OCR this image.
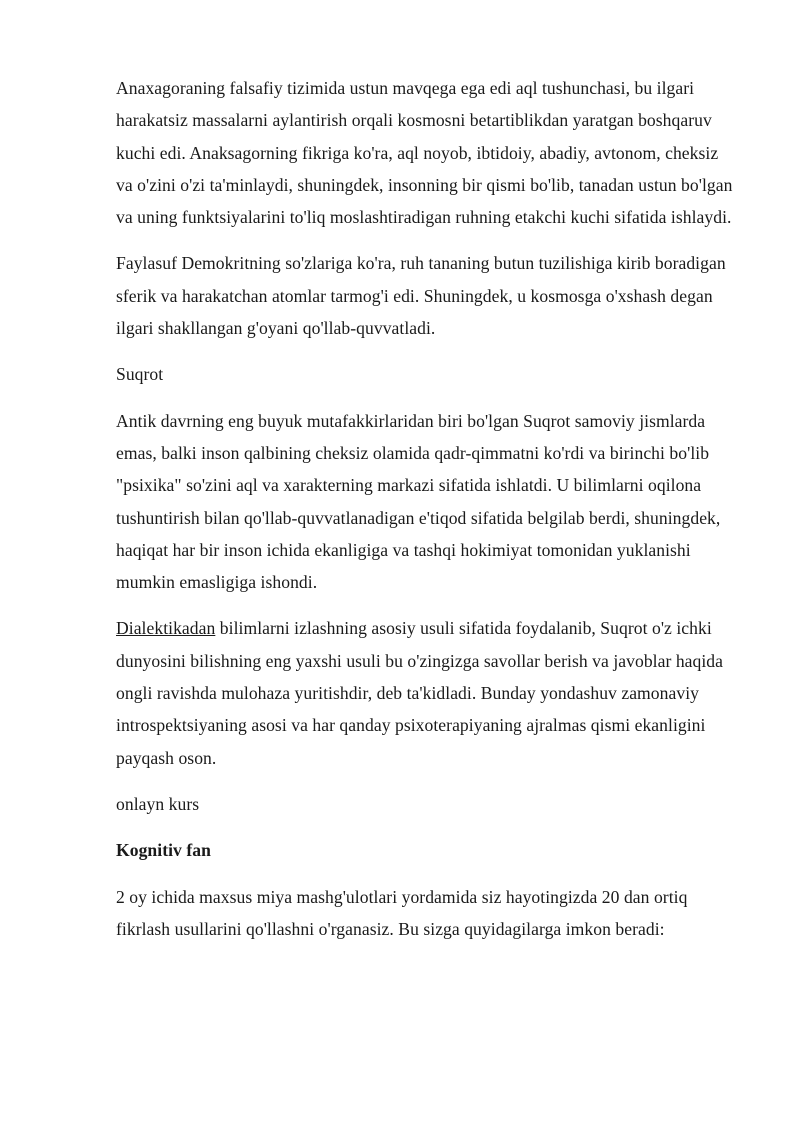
Anaxagoraning falsafiy tizimida ustun mavqega ega edi aql tushunchasi, bu ilgari harakatsiz massalarni aylantirish orqali kosmosni betartiblikdan yaratgan boshqaruv kuchi edi. Anaksagorning fikriga ko'ra, aql noyob, ibtidoiy, abadiy, avtonom, cheksiz va o'zini o'zi ta'minlaydi, shuningdek, insonning bir qismi bo'lib, tanadan ustun bo'lgan va uning funktsiyalarini to'liq moslashtiradigan ruhning etakchi kuchi sifatida ishlaydi.

Faylasuf Demokritning so'zlariga ko'ra, ruh tananing butun tuzilishiga kirib boradigan sferik va harakatchan atomlar tarmog'i edi. Shuningdek, u kosmosga o'xshash degan ilgari shakllangan g'oyani qo'llab-quvvatladi.

Suqrot

Antik davrning eng buyuk mutafakkirlaridan biri bo'lgan Suqrot samoviy jismlarda emas, balki inson qalbining cheksiz olamida qadr-qimmatni ko'rdi va birinchi bo'lib "psixika" so'zini aql va xarakterning markazi sifatida ishlatdi. U bilimlarni oqilona tushuntirish bilan qo'llab-quvvatlanadigan e'tiqod sifatida belgilab berdi, shuningdek, haqiqat har bir inson ichida ekanligiga va tashqi hokimiyat tomonidan yuklanishi mumkin emasligiga ishondi.

Dialektikadan bilimlarni izlashning asosiy usuli sifatida foydalanib, Suqrot o'z ichki dunyosini bilishning eng yaxshi usuli bu o'zingizga savollar berish va javoblar haqida ongli ravishda mulohaza yuritishdir, deb ta'kidladi. Bunday yondashuv zamonaviy introspektsiyaning asosi va har qanday psixoterapiyaning ajralmas qismi ekanligini payqash oson.

onlayn kurs

Kognitiv fan

2 oy ichida maxsus miya mashg'ulotlari yordamida siz hayotingizda 20 dan ortiq fikrlash usullarini qo'llashni o'rganasiz. Bu sizga quyidagilarga imkon beradi:
